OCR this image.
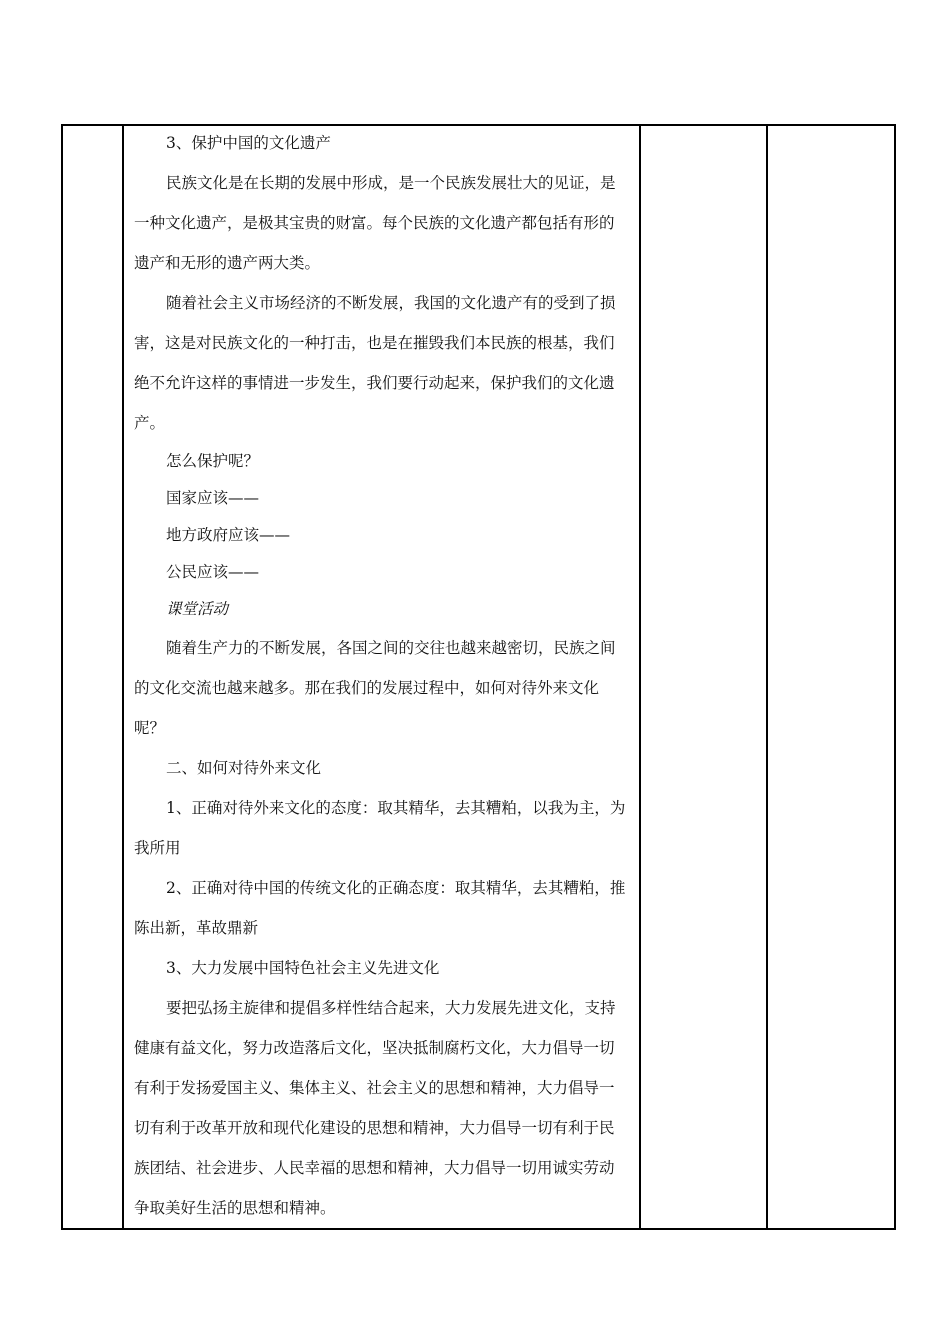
3、保护中国的文化遗产

民族文化是在长期的发展中形成，是一个民族发展壮大的见证，是一种文化遗产，是极其宝贵的财富。每个民族的文化遗产都包括有形的遗产和无形的遗产两大类。

随着社会主义市场经济的不断发展，我国的文化遗产有的受到了损害，这是对民族文化的一种打击，也是在摧毁我们本民族的根基，我们绝不允许这样的事情进一步发生，我们要行动起来，保护我们的文化遗产。

怎么保护呢？

国家应该——

地方政府应该——

公民应该——

课堂活动

随着生产力的不断发展，各国之间的交往也越来越密切，民族之间的文化交流也越来越多。那在我们的发展过程中，如何对待外来文化呢？

二、如何对待外来文化

1、正确对待外来文化的态度：取其精华，去其糟粕，以我为主，为我所用

2、正确对待中国的传统文化的正确态度：取其精华，去其糟粕，推陈出新，革故鼎新

3、大力发展中国特色社会主义先进文化

要把弘扬主旋律和提倡多样性结合起来，大力发展先进文化，支持健康有益文化，努力改造落后文化，坚决抵制腐朽文化，大力倡导一切有利于发扬爱国主义、集体主义、社会主义的思想和精神，大力倡导一切有利于改革开放和现代化建设的思想和精神，大力倡导一切有利于民族团结、社会进步、人民幸福的思想和精神，大力倡导一切用诚实劳动争取美好生活的思想和精神。
